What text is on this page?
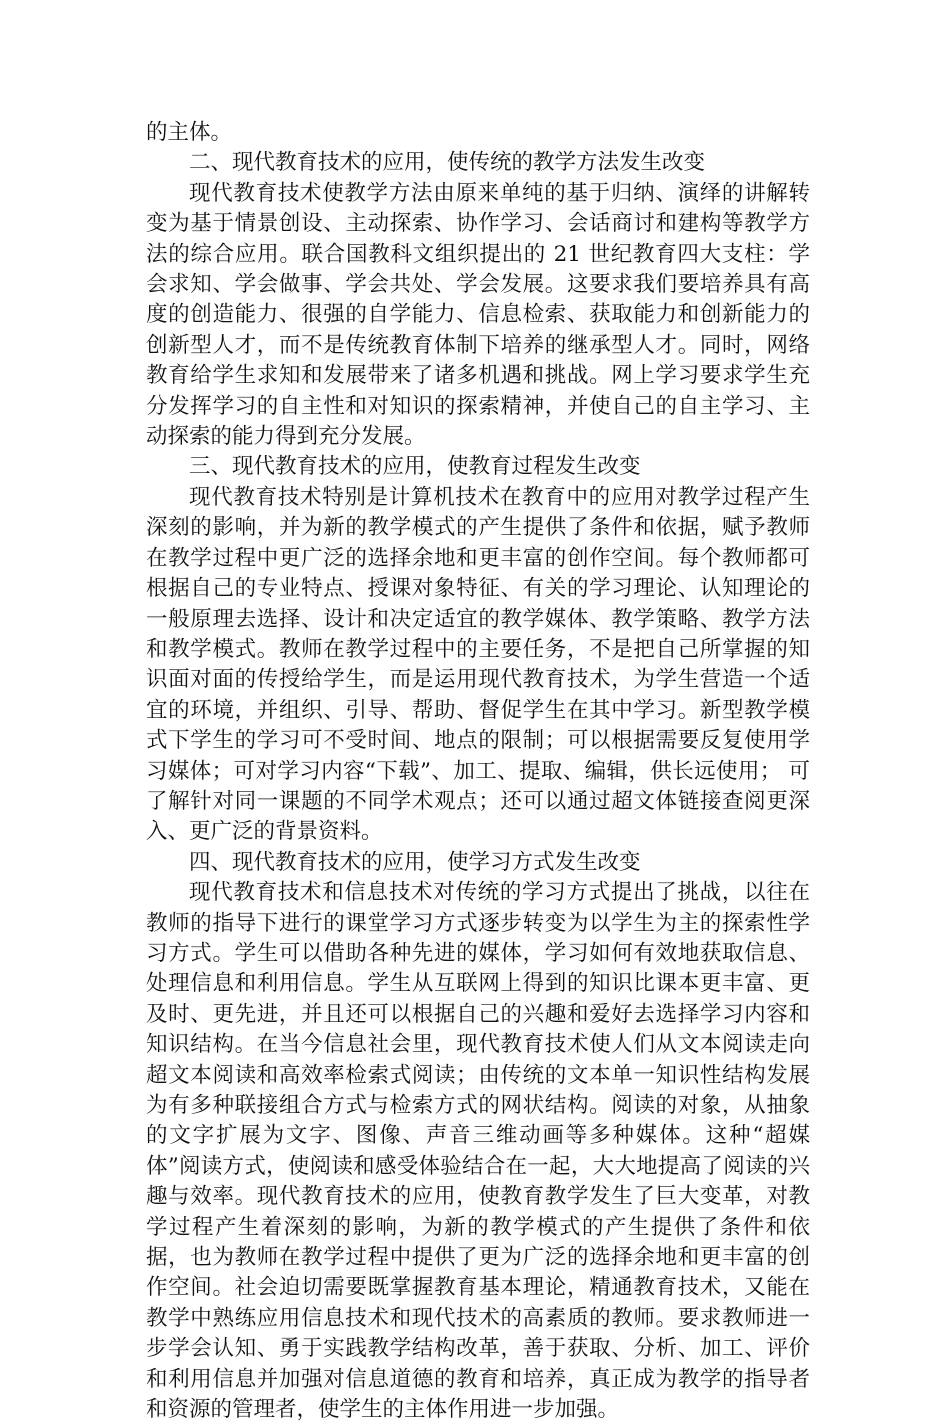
的主体。

二、现代教育技术的应用，使传统的教学方法发生改变

现代教育技术使教学方法由原来单纯的基于归纳、演绎的讲解转变为基于情景创设、主动探索、协作学习、会话商讨和建构等教学方法的综合应用。联合国教科文组织提出的 21 世纪教育四大支柱：学会求知、学会做事、学会共处、学会发展。这要求我们要培养具有高度的创造能力、很强的自学能力、信息检索、获取能力和创新能力的创新型人才，而不是传统教育体制下培养的继承型人才。同时，网络教育给学生求知和发展带来了诸多机遇和挑战。网上学习要求学生充分发挥学习的自主性和对知识的探索精神，并使自己的自主学习、主动探索的能力得到充分发展。

三、现代教育技术的应用，使教育过程发生改变

现代教育技术特别是计算机技术在教育中的应用对教学过程产生深刻的影响，并为新的教学模式的产生提供了条件和依据，赋予教师在教学过程中更广泛的选择余地和更丰富的创作空间。每个教师都可根据自己的专业特点、授课对象特征、有关的学习理论、认知理论的一般原理去选择、设计和决定适宜的教学媒体、教学策略、教学方法和教学模式。教师在教学过程中的主要任务，不是把自己所掌握的知识面对面的传授给学生，而是运用现代教育技术，为学生营造一个适宜的环境，并组织、引导、帮助、督促学生在其中学习。新型教学模式下学生的学习可不受时间、地点的限制；可以根据需要反复使用学习媒体；可对学习内容“下载”、加工、提取、编辑，供长远使用； 可了解针对同一课题的不同学术观点；还可以通过超文体链接查阅更深入、更广泛的背景资料。

四、现代教育技术的应用，使学习方式发生改变

现代教育技术和信息技术对传统的学习方式提出了挑战，以往在教师的指导下进行的课堂学习方式逐步转变为以学生为主的探索性学习方式。学生可以借助各种先进的媒体，学习如何有效地获取信息、处理信息和利用信息。学生从互联网上得到的知识比课本更丰富、更及时、更先进，并且还可以根据自己的兴趣和爱好去选择学习内容和知识结构。在当今信息社会里，现代教育技术使人们从文本阅读走向超文本阅读和高效率检索式阅读；由传统的文本单一知识性结构发展为有多种联接组合方式与检索方式的网状结构。阅读的对象，从抽象的文字扩展为文字、图像、声音三维动画等多种媒体。这种“超媒体”阅读方式，使阅读和感受体验结合在一起，大大地提高了阅读的兴趣与效率。现代教育技术的应用，使教育教学发生了巨大变革，对教学过程产生着深刻的影响，为新的教学模式的产生提供了条件和依据，也为教师在教学过程中提供了更为广泛的选择余地和更丰富的创作空间。社会迫切需要既掌握教育基本理论，精通教育技术，又能在教学中熟练应用信息技术和现代技术的高素质的教师。要求教师进一步学会认知、勇于实践教学结构改革，善于获取、分析、加工、评价和利用信息并加强对信息道德的教育和培养，真正成为教学的指导者和资源的管理者，使学生的主体作用进一步加强。
